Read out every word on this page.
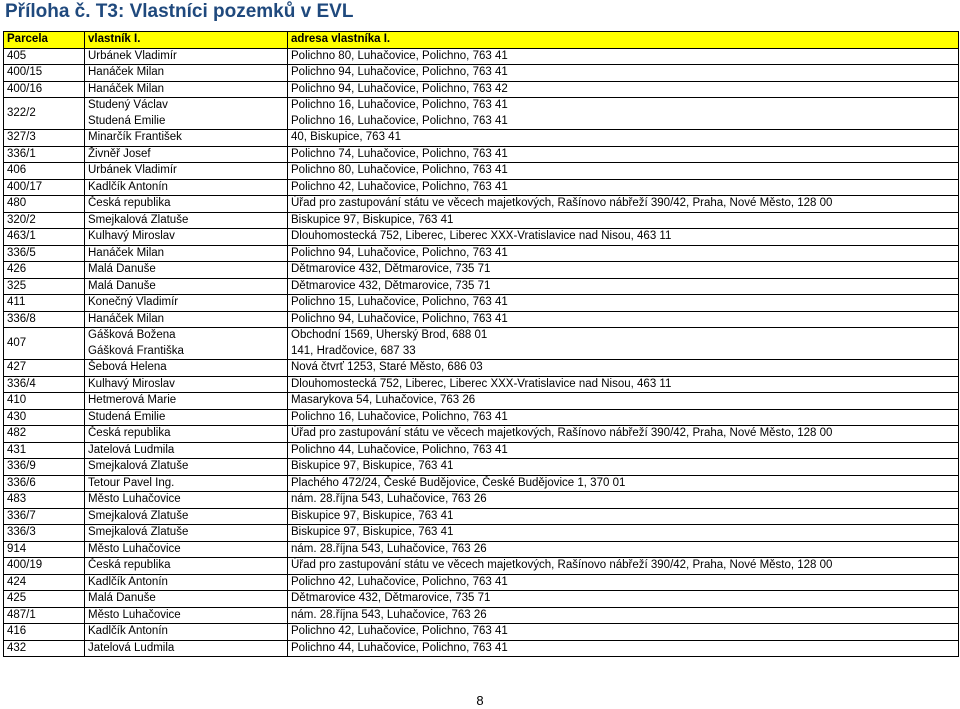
Příloha č. T3: Vlastníci pozemků v EVL
Parcela	vlastník I.	adresa vlastníka I.
405	Urbánek Vladimír	Polichno 80, Luhačovice, Polichno, 763 41
400/15	Hanáček Milan	Polichno 94, Luhačovice, Polichno, 763 41
400/16	Hanáček Milan	Polichno 94, Luhačovice, Polichno, 763 42
322/2	Studený Václav	Polichno 16, Luhačovice, Polichno, 763 41
	Studená Emilie	Polichno 16, Luhačovice, Polichno, 763 41
327/3	Minarčík František	40, Biskupice, 763 41
336/1	Živněř Josef	Polichno 74, Luhačovice, Polichno, 763 41
406	Urbánek Vladimír	Polichno 80, Luhačovice, Polichno, 763 41
400/17	Kadlčík Antonín	Polichno 42, Luhačovice, Polichno, 763 41
480	Česká republika	Úřad pro zastupování státu ve věcech majetkových, Rašínovo nábřeží 390/42, Praha, Nové Město, 128 00
320/2	Smejkalová Zlatuše	Biskupice 97, Biskupice, 763 41
463/1	Kulhavý Miroslav	Dlouhomostecká 752, Liberec, Liberec XXX-Vratislavice nad Nisou, 463 11
336/5	Hanáček Milan	Polichno 94, Luhačovice, Polichno, 763 41
426	Malá Danuše	Dětmarovice 432, Dětmarovice, 735 71
325	Malá Danuše	Dětmarovice 432, Dětmarovice, 735 71
411	Konečný Vladimír	Polichno 15, Luhačovice, Polichno, 763 41
336/8	Hanáček Milan	Polichno 94, Luhačovice, Polichno, 763 41
407	Gášková Božena	Obchodní 1569, Uherský Brod, 688 01
	Gášková Františka	141, Hradčovice, 687 33
427	Šebová Helena	Nová čtvrť 1253, Staré Město, 686 03
336/4	Kulhavý Miroslav	Dlouhomostecká 752, Liberec, Liberec XXX-Vratislavice nad Nisou, 463 11
410	Hetmerová Marie	Masarykova 54, Luhačovice, 763 26
430	Studená Emilie	Polichno 16, Luhačovice, Polichno, 763 41
482	Česká republika	Úřad pro zastupování státu ve věcech majetkových, Rašínovo nábřeží 390/42, Praha, Nové Město, 128 00
431	Jatelová Ludmila	Polichno 44, Luhačovice, Polichno, 763 41
336/9	Smejkalová Zlatuše	Biskupice 97, Biskupice, 763 41
336/6	Tetour Pavel Ing.	Plachého 472/24, České Budějovice, České Budějovice 1, 370 01
483	Město Luhačovice	nám. 28.října 543, Luhačovice, 763 26
336/7	Smejkalová Zlatuše	Biskupice 97, Biskupice, 763 41
336/3	Smejkalová Zlatuše	Biskupice 97, Biskupice, 763 41
914	Město Luhačovice	nám. 28.října 543, Luhačovice, 763 26
400/19	Česká republika	Úřad pro zastupování státu ve věcech majetkových, Rašínovo nábřeží 390/42, Praha, Nové Město, 128 00
424	Kadlčík Antonín	Polichno 42, Luhačovice, Polichno, 763 41
425	Malá Danuše	Dětmarovice 432, Dětmarovice, 735 71
487/1	Město Luhačovice	nám. 28.října 543, Luhačovice, 763 26
416	Kadlčík Antonín	Polichno 42, Luhačovice, Polichno, 763 41
432	Jatelová Ludmila	Polichno 44, Luhačovice, Polichno, 763 41
8
